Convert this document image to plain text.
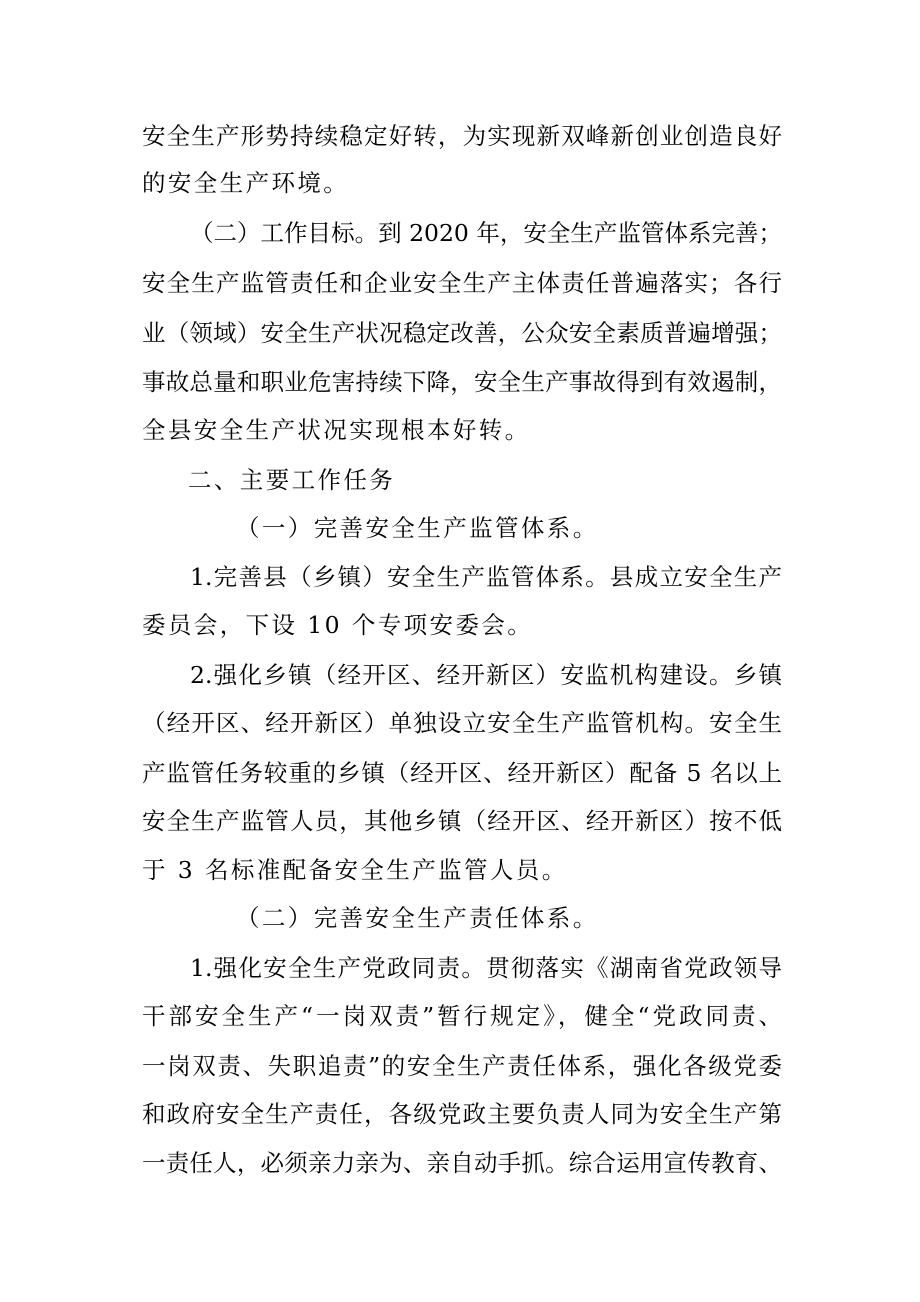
安全生产形势持续稳定好转，为实现新双峰新创业创造良好
的安全生产环境。
（二）工作目标。到 2020 年，安全生产监管体系完善；
安全生产监管责任和企业安全生产主体责任普遍落实；各行
业（领域）安全生产状况稳定改善，公众安全素质普遍增强；
事故总量和职业危害持续下降，安全生产事故得到有效遏制，
全县安全生产状况实现根本好转。
二、主要工作任务
（一）完善安全生产监管体系。
1.完善县（乡镇）安全生产监管体系。县成立安全生产
委员会，下设 10 个专项安委会。
2.强化乡镇（经开区、经开新区）安监机构建设。乡镇
（经开区、经开新区）单独设立安全生产监管机构。安全生
产监管任务较重的乡镇（经开区、经开新区）配备 5 名以上
安全生产监管人员，其他乡镇（经开区、经开新区）按不低
于 3 名标准配备安全生产监管人员。
（二）完善安全生产责任体系。
1.强化安全生产党政同责。贯彻落实《湖南省党政领导
干部安全生产“一岗双责”暂行规定》，健全“党政同责、
一岗双责、失职追责”的安全生产责任体系，强化各级党委
和政府安全生产责任，各级党政主要负责人同为安全生产第
一责任人，必须亲力亲为、亲自动手抓。综合运用宣传教育、
